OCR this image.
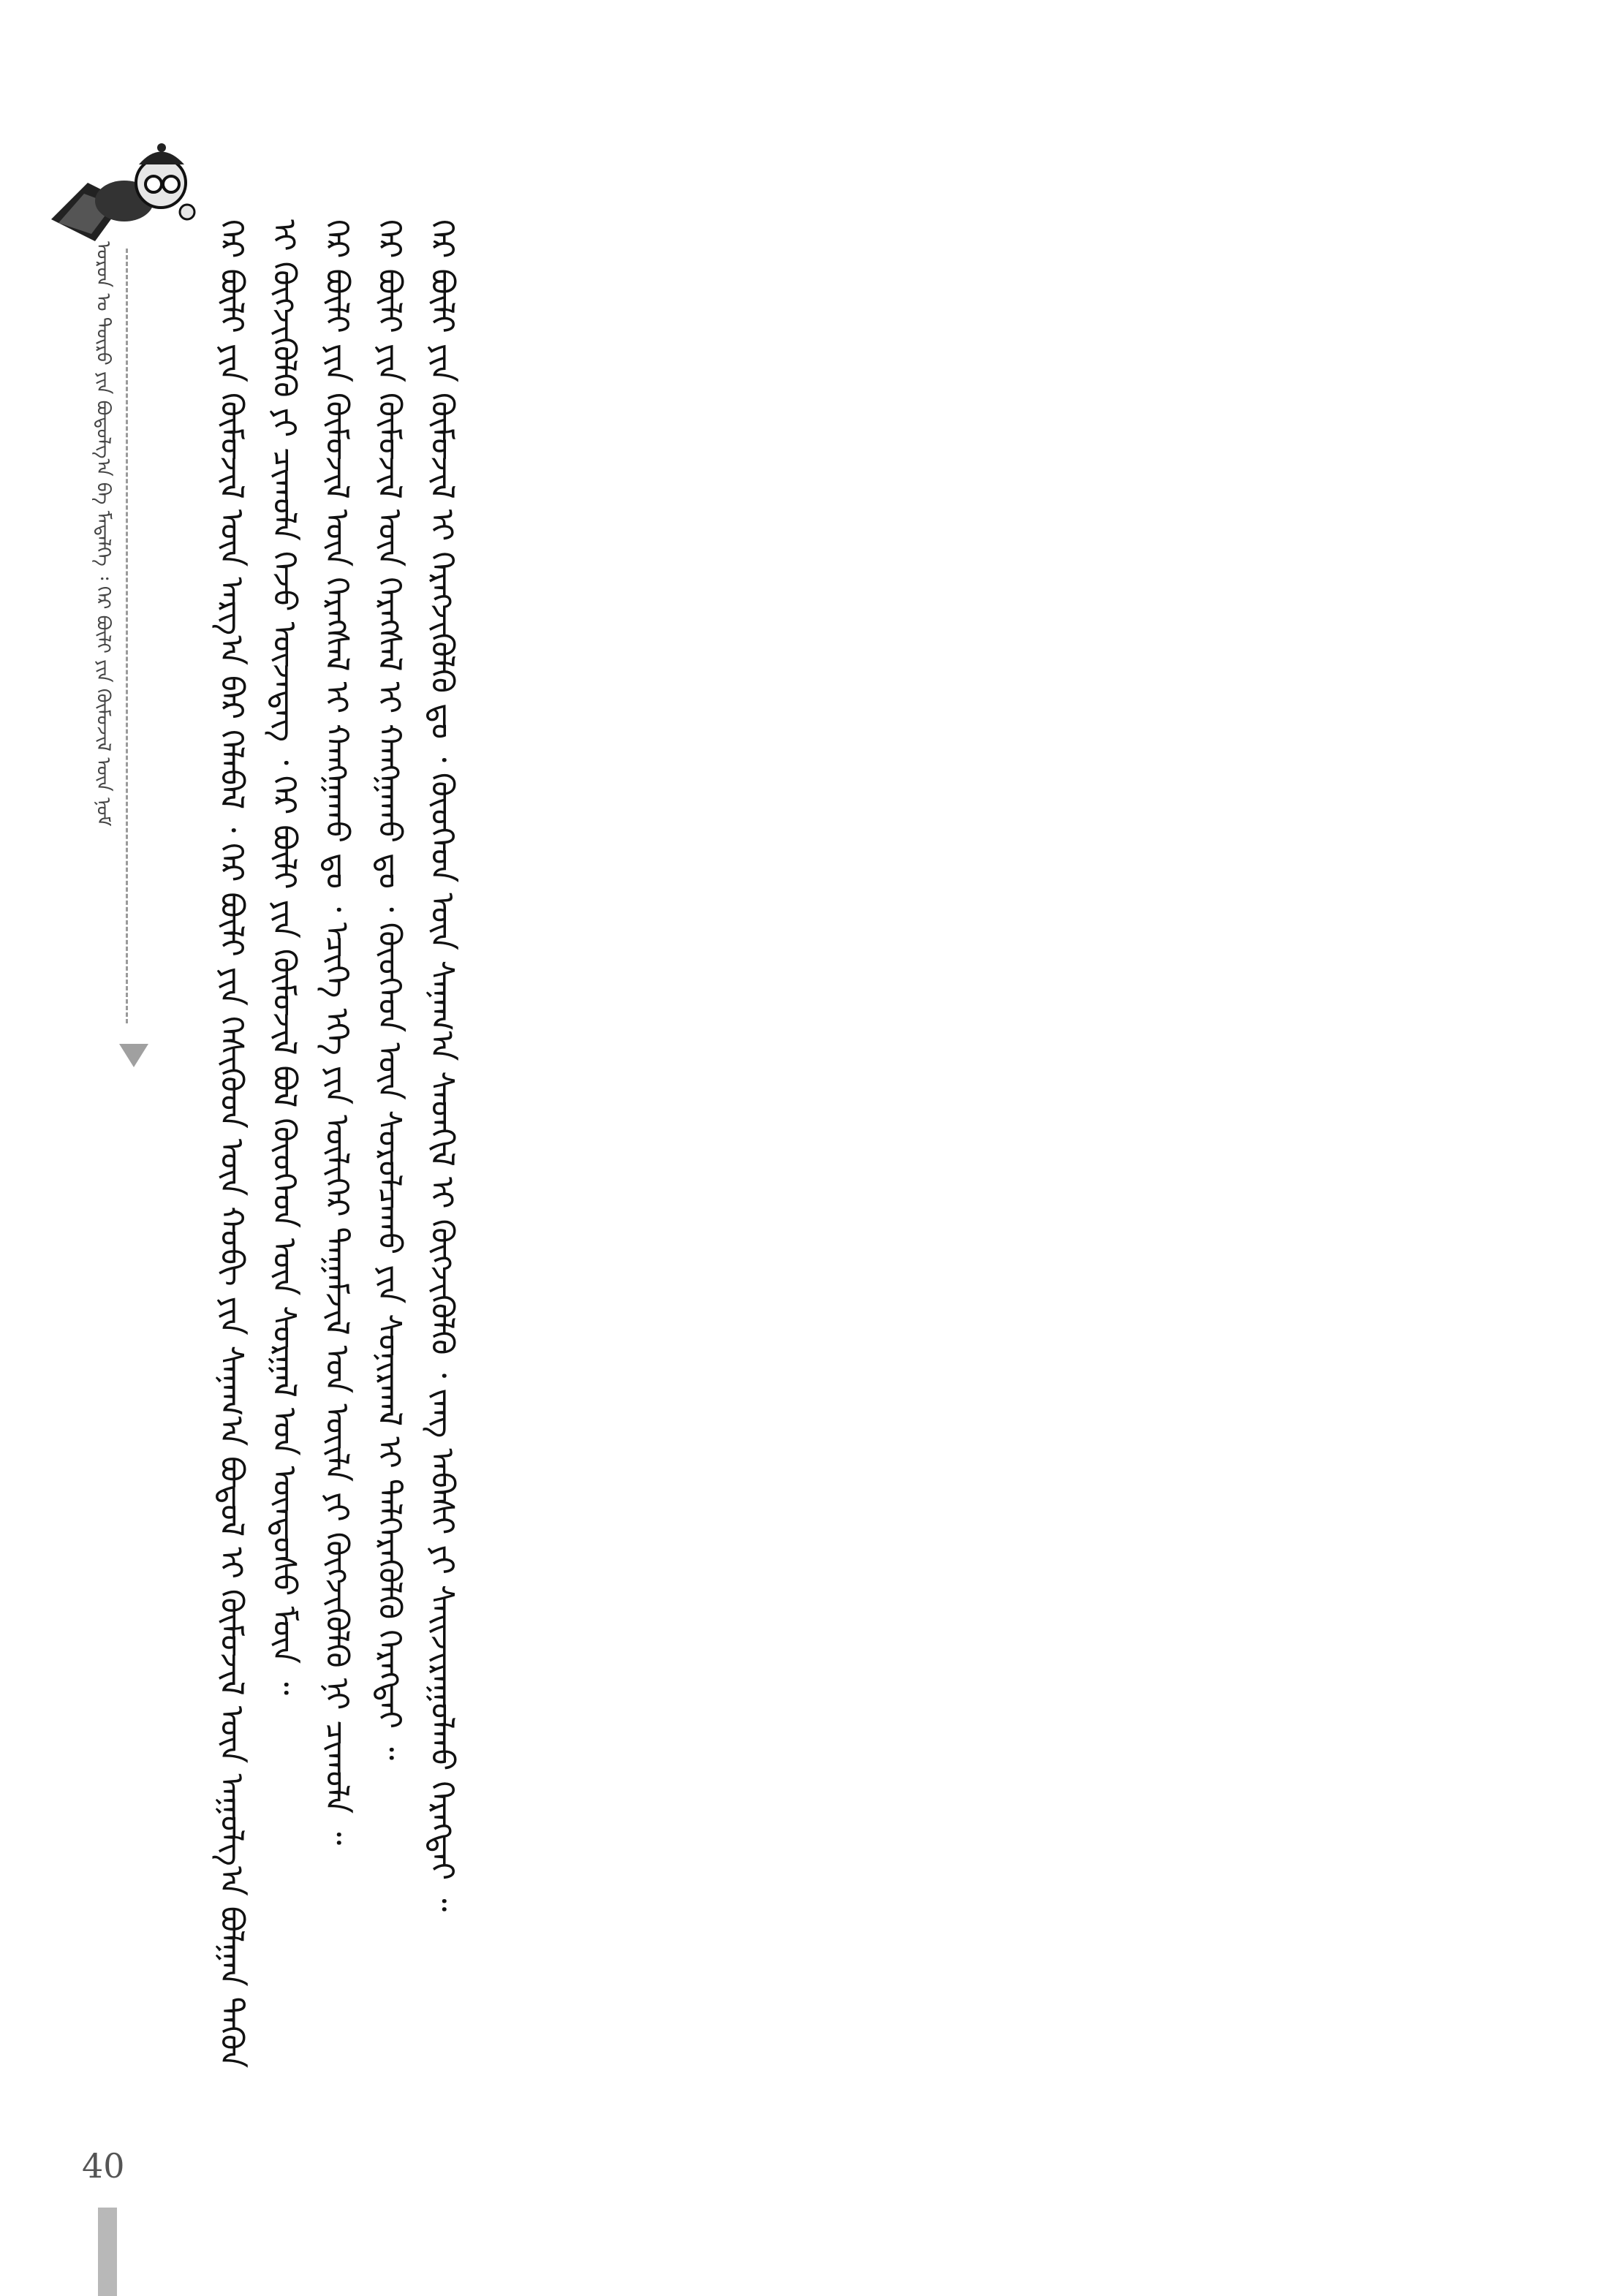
ᠣᠷᠣᠨ ᠤ ᠲᠦᠷᠦ ᠶᠢᠨ ᠪᠣᠳᠣᠯᠭ᠎ᠠ ᠪᠠ ᠮᠡᠳᠡᠯᠭᠡ ᠄ ᠭᠡᠷ ᠪᠦᠯᠢ ᠶᠢᠨ ᠬᠦᠮᠦᠵᠢᠯ ᠦᠨ ᠨᠣᠮ	ᠭᠡᠷ ᠪᠦᠯᠢ ᠶᠢᠨ ᠬᠦᠮᠦᠵᠢᠯ ᠦᠨ ᠠᠷᠭ᠎ᠠ ᠪᠠᠷ ᠬᠡᠯᠡᠪᠡᠯ ᠂ ᠭᠡᠷ ᠪᠦᠯᠢ ᠶᠢᠨ ᠭᠡᠰᠢᠭᠦᠳ ᠦᠨ ᠬᠤᠪᠢ ᠶᠢᠨ ᠰᠠᠨᠠᠭ᠎ᠠ ᠪᠣᠳᠣᠯ ᠢ ᠬᠦᠮᠦᠵᠢᠯ ᠦᠨ ᠠᠭᠤᠯᠭ᠎ᠠ ᠪᠣᠯᠭᠠᠨ ᠲᠡᠭᠦᠨ ᠢ ᠬᠦᠭᠵᠢᠭᠦᠯᠬᠦ ᠶᠢ ᠴᠢᠬᠤᠯᠠ ᠭᠡᠵᠦ ᠦᠵᠡᠳᠡᠭ ᠂ ᠭᠡᠷ ᠪᠦᠯᠢ ᠶᠢᠨ ᠬᠦᠮᠦᠵᠢᠯ ᠪᠣᠯ ᠬᠦᠦᠬᠡᠳ ᠦᠨ ᠰᠤᠷᠭᠠᠯ ᠤᠨ ᠦᠨᠳᠦᠰᠦ ᠮᠥᠨ ᠃ ᠭᠡᠷ ᠪᠦᠯᠢ ᠶᠢᠨ ᠬᠦᠮᠦᠵᠢᠯ ᠦᠨ ᠬᠡᠷᠡᠭᠰᠡᠯ ᠢ ᠬᠠᠩᠭᠠᠬᠤ ᠳᠤ ᠂ ᠡᠴᠢᠭᠡ ᠡᠬᠡ ᠶᠢᠨ ᠦᠯᠢᠭᠡᠷ ᠳᠠᠭᠠᠮᠵᠢᠯ ᠤᠨ ᠦᠢᠯᠡ ᠶᠢ ᠬᠦᠭᠵᠢᠭᠦᠯᠬᠦ ᠨᠢ ᠴᠢᠬᠤᠯᠠ ᠃ ᠭᠡᠷ ᠪᠦᠯᠢ ᠶᠢᠨ ᠬᠦᠮᠦᠵᠢᠯ ᠦᠨ ᠬᠡᠷᠡᠭᠰᠡᠯ ᠢ ᠬᠠᠩᠭᠠᠬᠤ ᠳᠤ ᠂ ᠬᠦᠦᠬᠡᠳ ᠦᠨ ᠰᠤᠷᠤᠯᠴᠠᠬᠤ ᠶᠢᠨ ᠰᠣᠨᠢᠷᠬᠠᠯ ᠢ ᠲᠡᠯᠭᠡᠷᠡᠭᠦᠯᠬᠦ ᠬᠡᠷᠡᠭᠲᠡᠢ ᠃ ᠭᠡᠷ ᠪᠦᠯᠢ ᠶᠢᠨ ᠬᠦᠮᠦᠵᠢᠯ ᠢ ᠬᠡᠷᠡᠭᠵᠢᠭᠦᠯᠬᠦ ᠳᠤ ᠂ ᠬᠦᠦᠬᠡᠳ ᠦᠨ ᠰᠠᠨᠠᠭ᠎ᠠ ᠰᠡᠳᠬᠢᠯ ᠢ ᠬᠥᠭᠵᠢᠭᠦᠯᠬᠦ ᠂ ᠵᠠᠩ ᠠᠪᠠᠰᠢ ᠶᠢ ᠰᠠᠢᠵᠢᠷᠠᠭᠤᠯᠬᠤ ᠬᠡᠷᠡᠭᠲᠡᠢ ᠃

40
